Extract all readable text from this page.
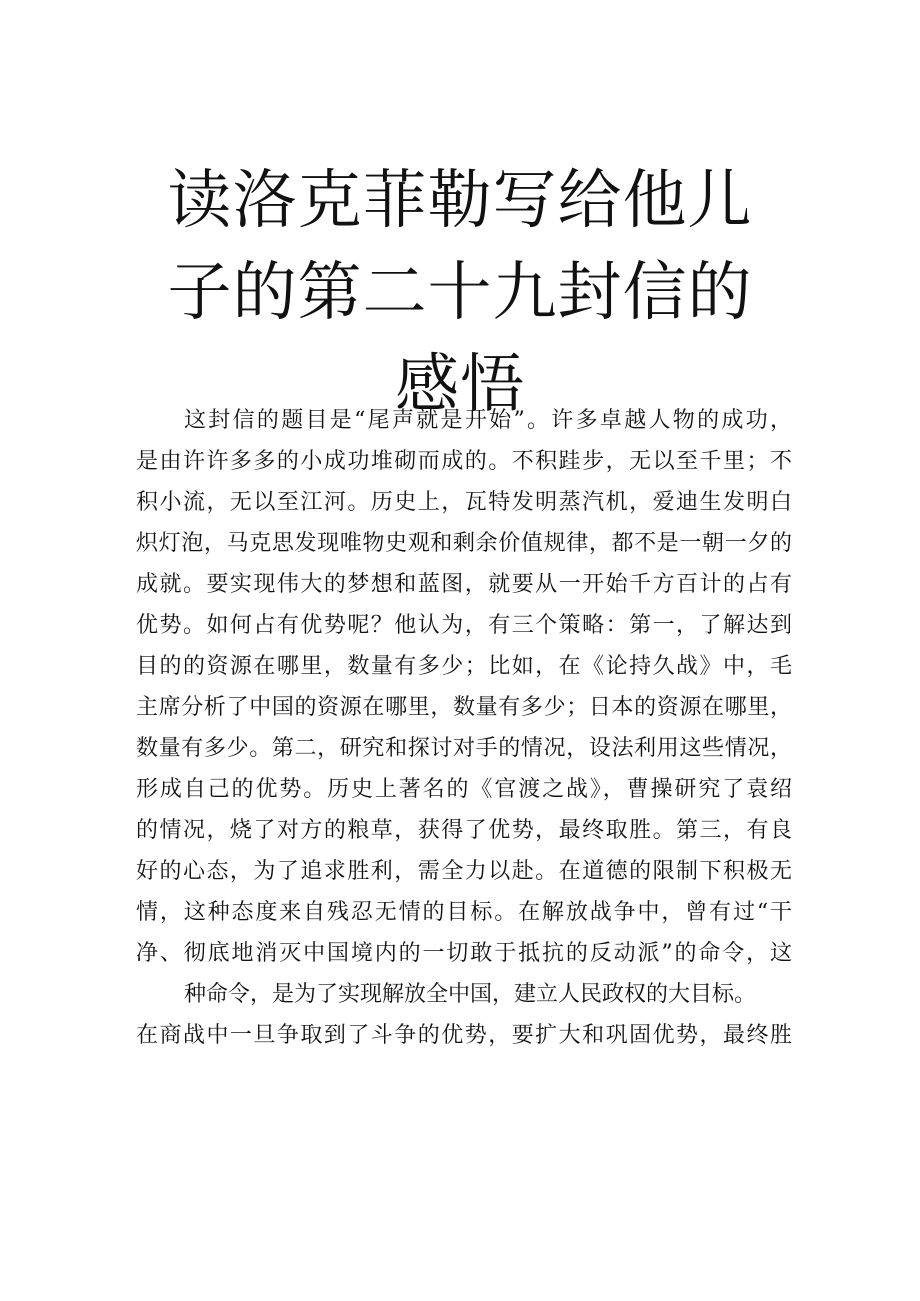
读洛克菲勒写给他儿
子的第二十九封信的
感悟
这封信的题目是“尾声就是开始”。许多卓越人物的成功，
是由许许多多的小成功堆砌而成的。不积跬步，无以至千里；不
积小流，无以至江河。历史上，瓦特发明蒸汽机，爱迪生发明白
炽灯泡，马克思发现唯物史观和剩余价值规律，都不是一朝一夕的
成就。要实现伟大的梦想和蓝图，就要从一开始千方百计的占有
优势。如何占有优势呢？他认为，有三个策略：第一，了解达到
目的的资源在哪里，数量有多少；比如，在《论持久战》中，毛
主席分析了中国的资源在哪里，数量有多少；日本的资源在哪里，
数量有多少。第二，研究和探讨对手的情况，设法利用这些情况，
形成自己的优势。历史上著名的《官渡之战》，曹操研究了袁绍
的情况，烧了对方的粮草，获得了优势，最终取胜。第三，有良
好的心态，为了追求胜利，需全力以赴。在道德的限制下积极无
情，这种态度来自残忍无情的目标。在解放战争中，曾有过“干
净、彻底地消灭中国境内的一切敢于抵抗的反动派”的命令，这
种命令，是为了实现解放全中国，建立人民政权的大目标。
在商战中一旦争取到了斗争的优势，要扩大和巩固优势，最终胜
